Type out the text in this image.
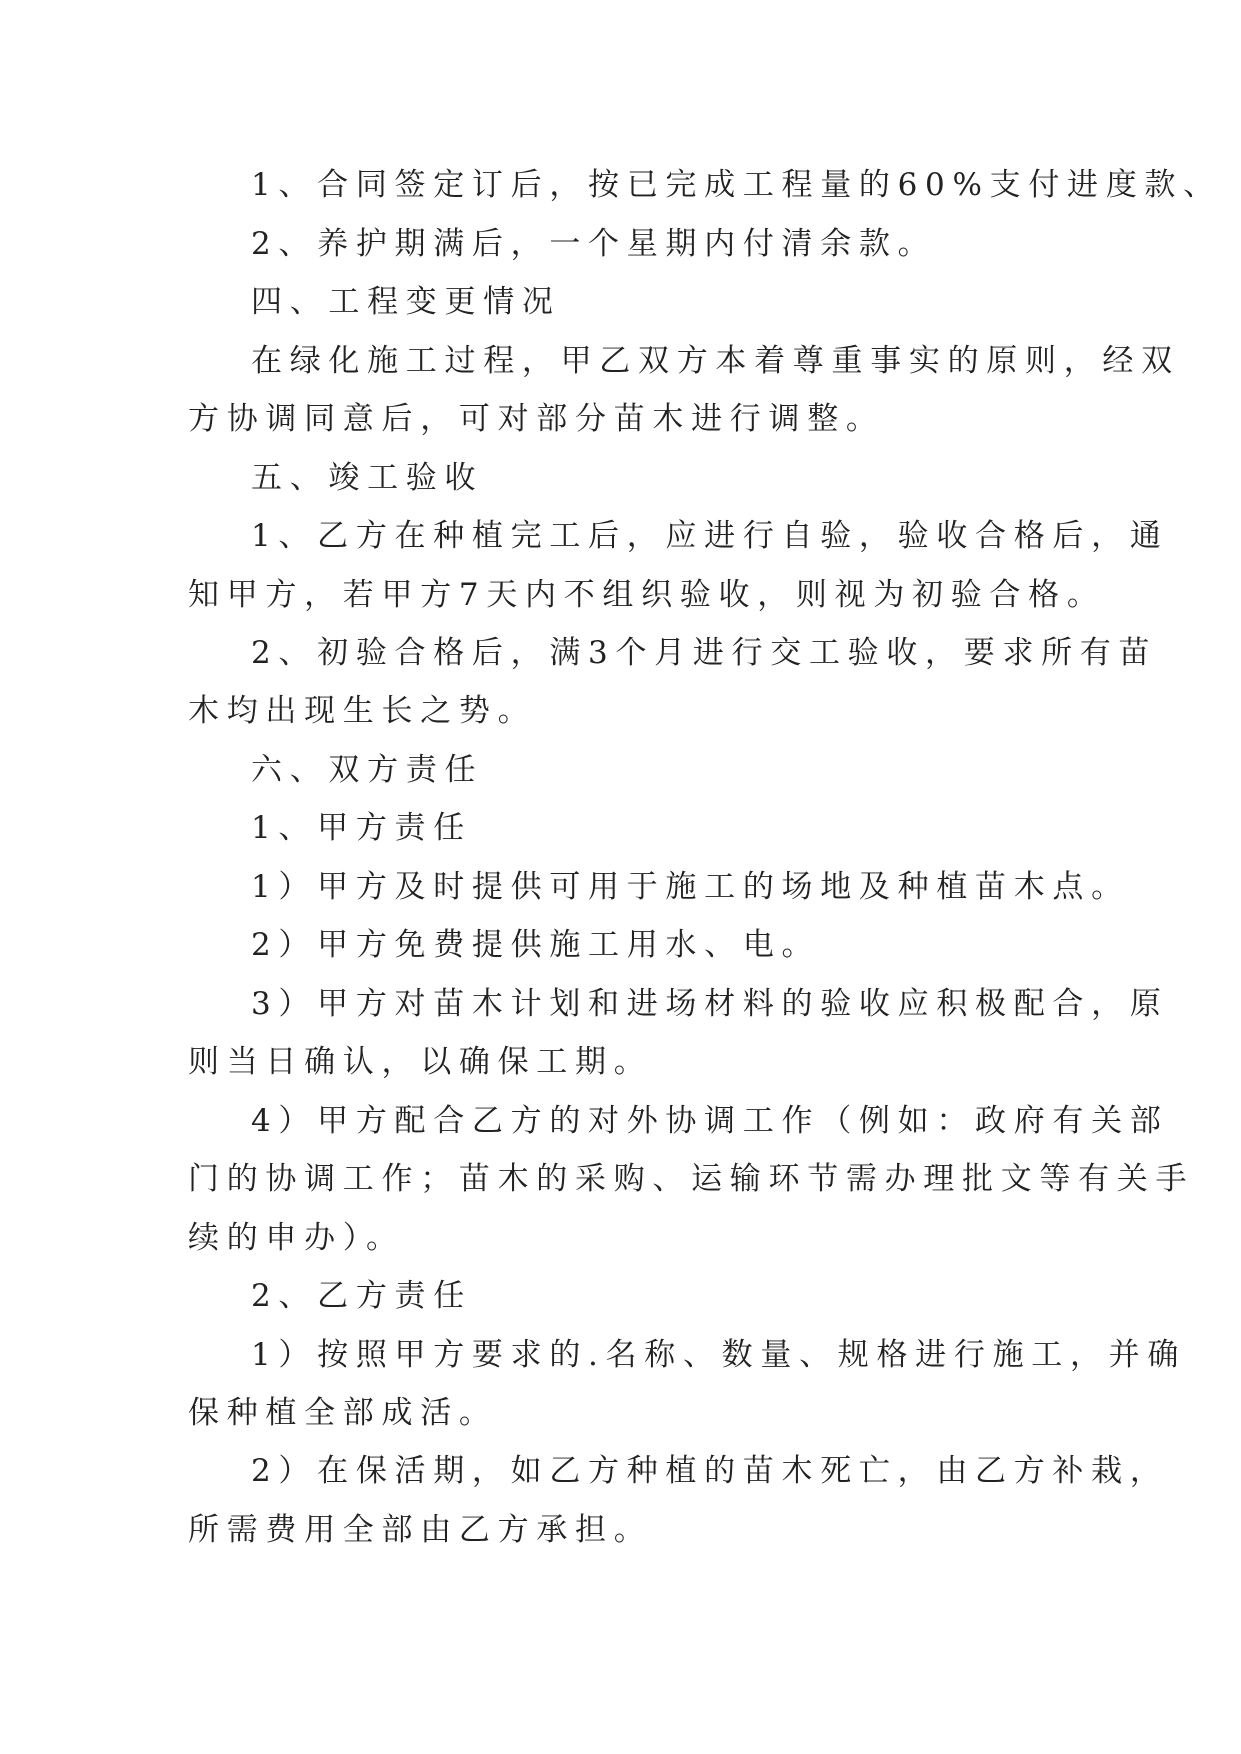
1、合同签定订后，按已完成工程量的60%支付进度款、
2、养护期满后，一个星期内付清余款。
四、工程变更情况
在绿化施工过程，甲乙双方本着尊重事实的原则，经双
方协调同意后，可对部分苗木进行调整。
五、竣工验收
1、乙方在种植完工后，应进行自验，验收合格后，通
知甲方，若甲方7天内不组织验收，则视为初验合格。
2、初验合格后，满3个月进行交工验收，要求所有苗
木均出现生长之势。
六、双方责任
1、甲方责任
1）甲方及时提供可用于施工的场地及种植苗木点。
2）甲方免费提供施工用水、电。
3）甲方对苗木计划和进场材料的验收应积极配合，原
则当日确认，以确保工期。
4）甲方配合乙方的对外协调工作（例如：政府有关部
门的协调工作；苗木的采购、运输环节需办理批文等有关手
续的申办）。
2、乙方责任
1）按照甲方要求的.名称、数量、规格进行施工，并确
保种植全部成活。
2）在保活期，如乙方种植的苗木死亡，由乙方补栽，
所需费用全部由乙方承担。
